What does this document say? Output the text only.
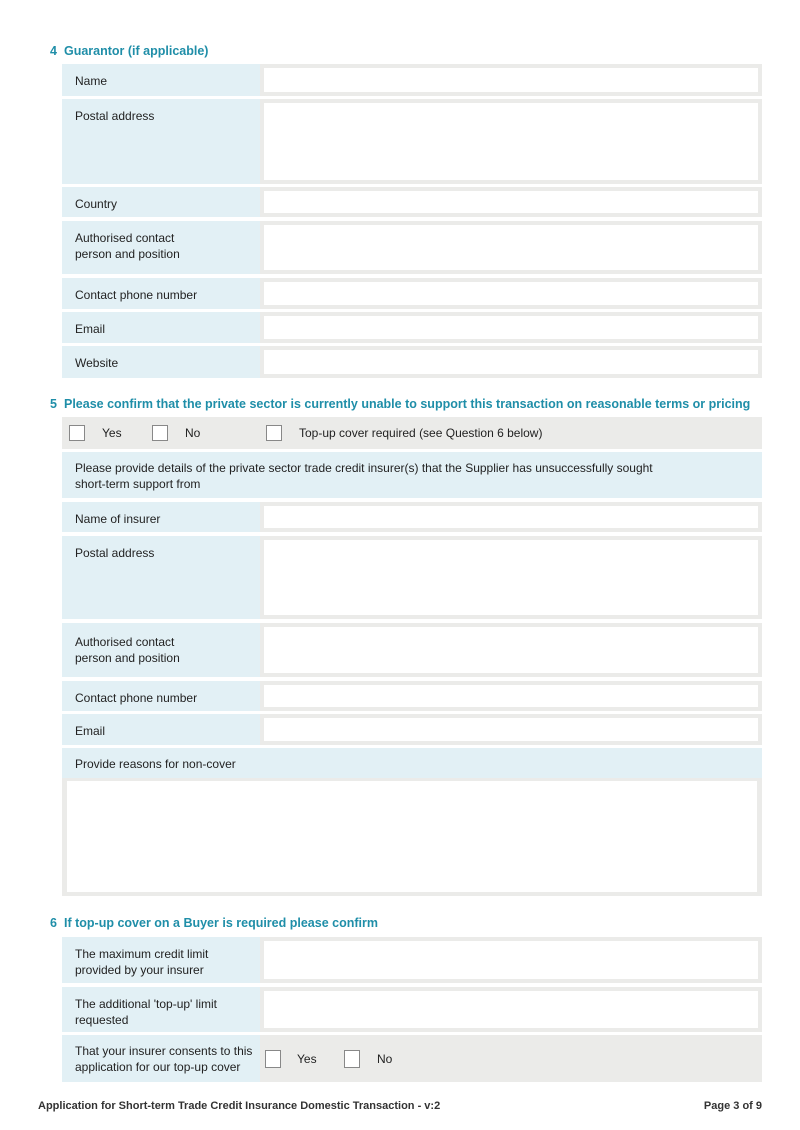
4 Guarantor (if applicable)
Name
Postal address
Country
Authorised contact person and position
Contact phone number
Email
Website
5 Please confirm that the private sector is currently unable to support this transaction on reasonable terms or pricing
Yes	No	Top-up cover required (see Question 6 below)
Please provide details of the private sector trade credit insurer(s) that the Supplier has unsuccessfully sought short-term support from
Name of insurer
Postal address
Authorised contact person and position
Contact phone number
Email
Provide reasons for non-cover
6 If top-up cover on a Buyer is required please confirm
The maximum credit limit provided by your insurer
The additional 'top-up' limit requested
That your insurer consents to this application for our top-up cover
Yes	No
Application for Short-term Trade Credit Insurance Domestic Transaction - v:2	Page 3 of 9
